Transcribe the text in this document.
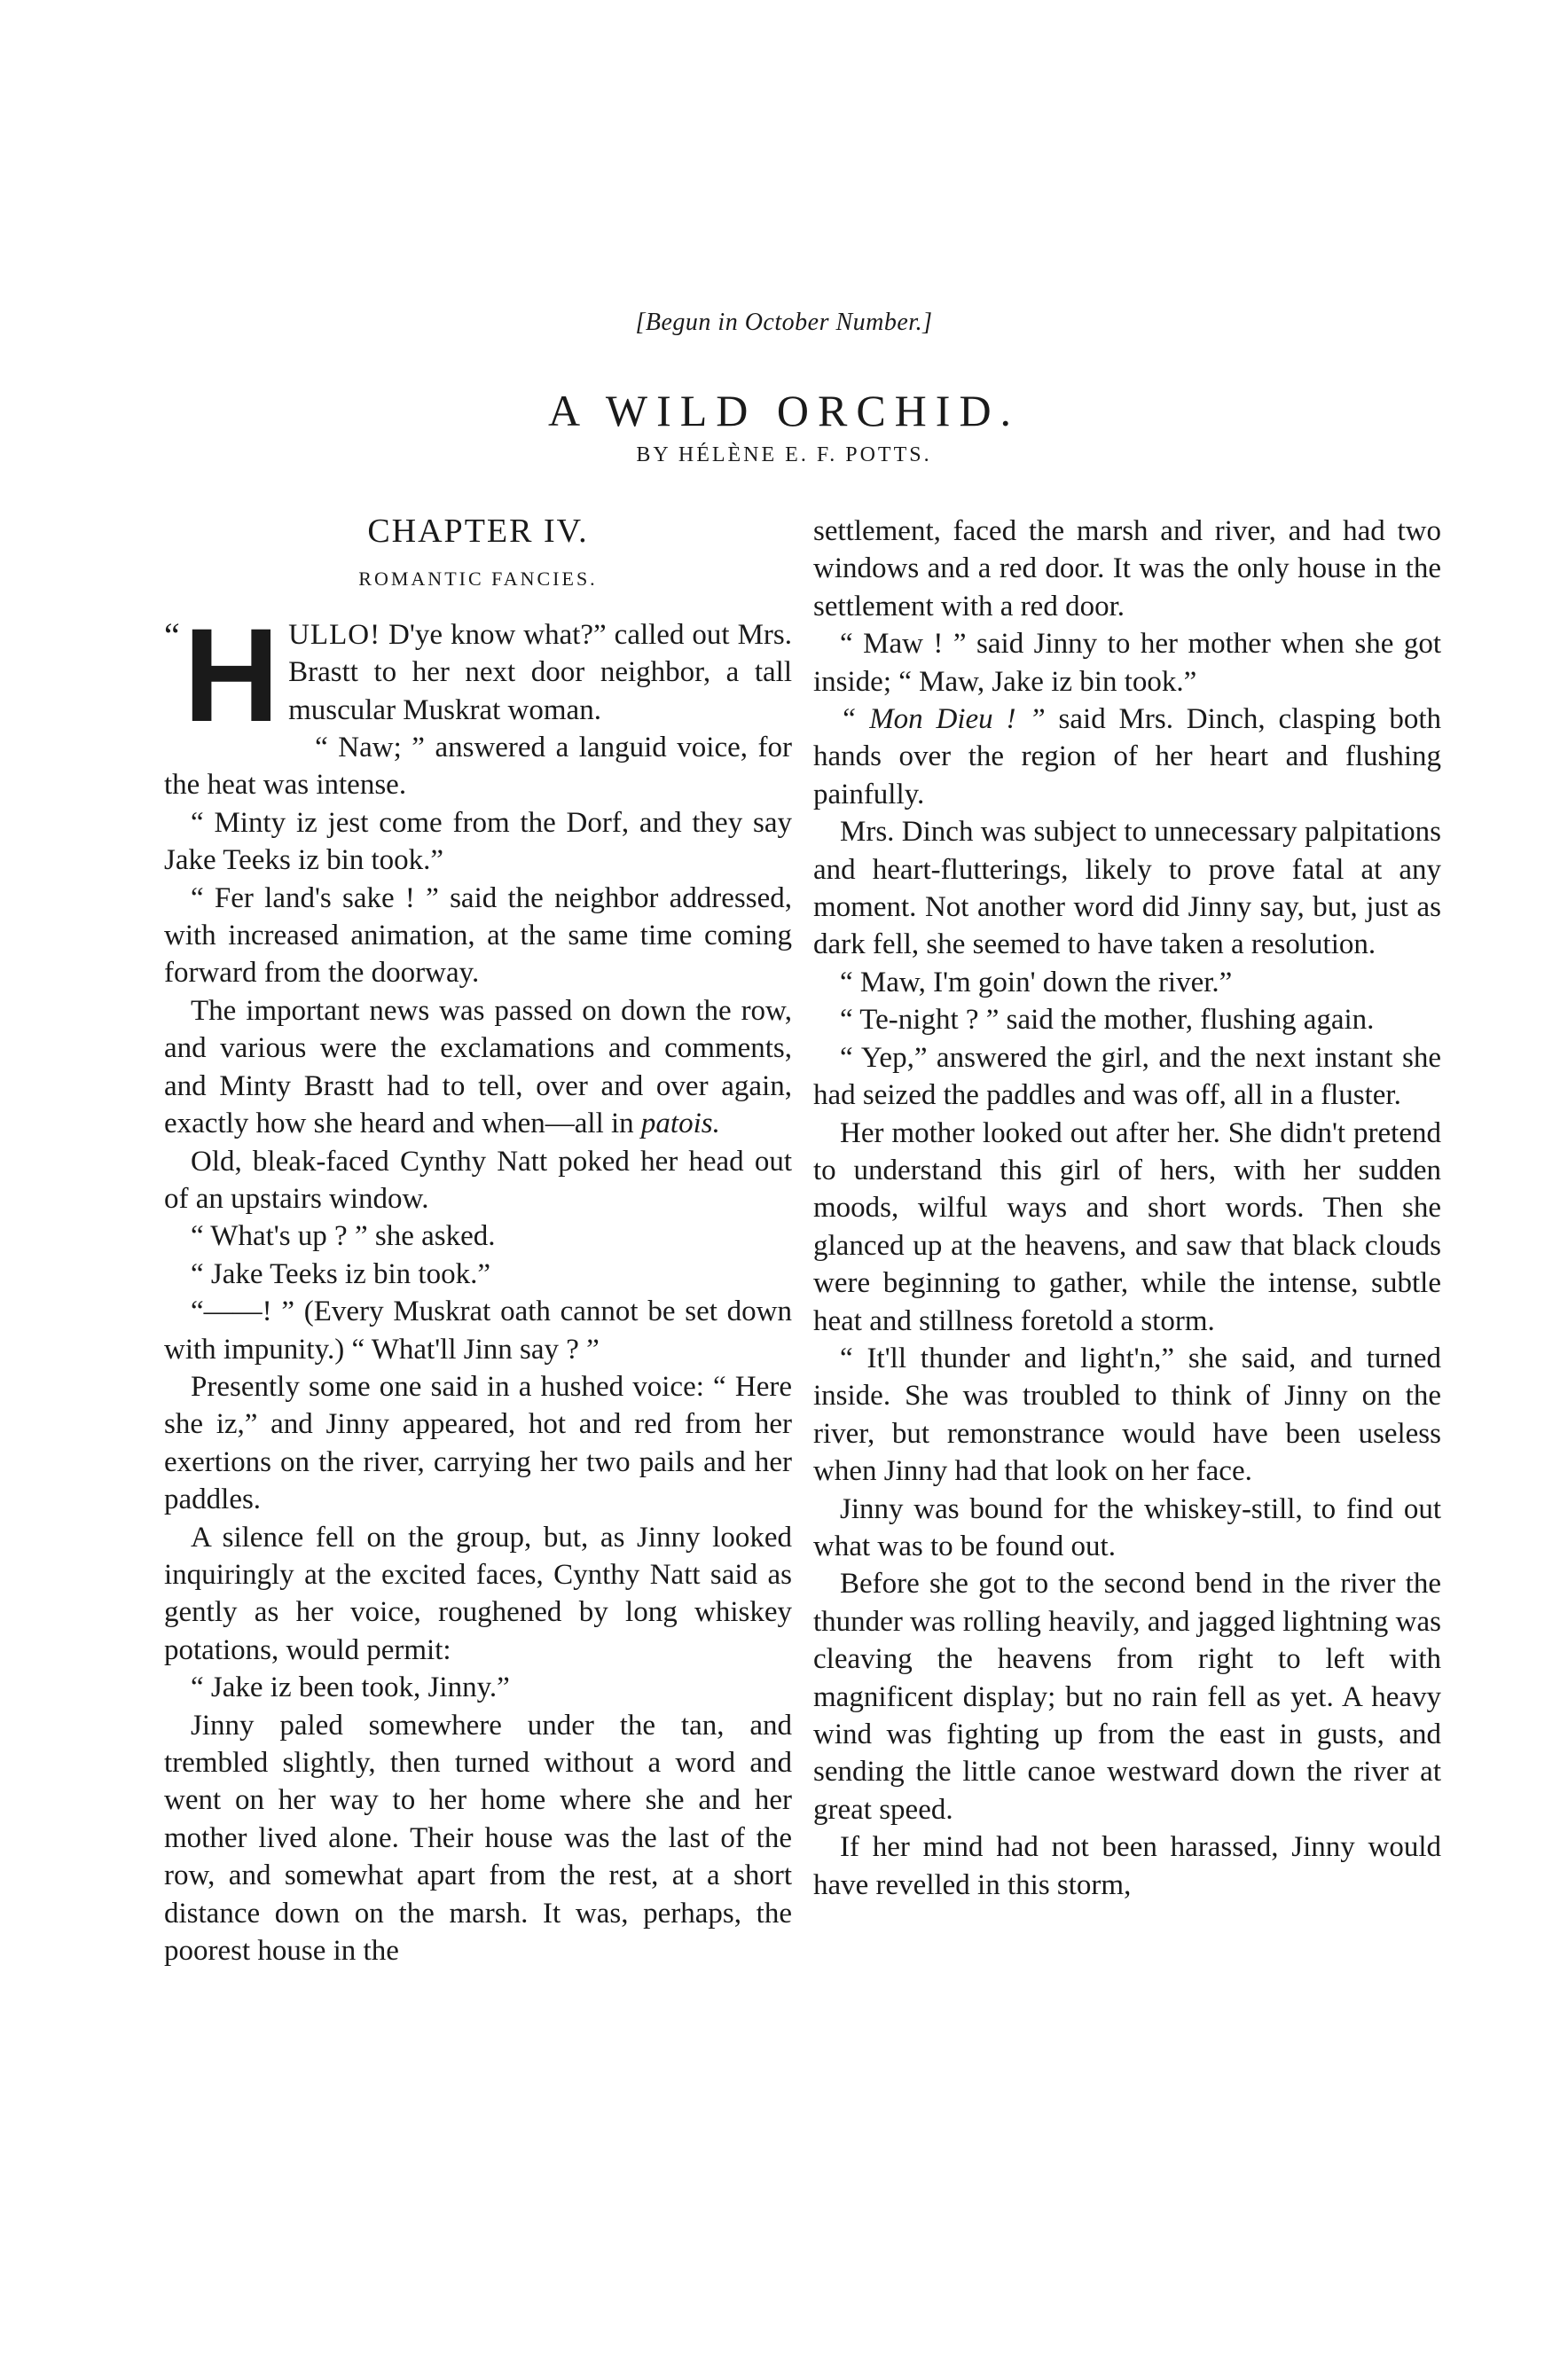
[Begun in October Number.]
A WILD ORCHID.
BY HÉLÈNE E. F. POTTS.
CHAPTER IV.
ROMANTIC FANCIES.

“ H ULLO! D'ye know what?” called out Mrs. Brastt to her next door neighbor, a tall muscular Muskrat woman.

“ Naw; ” answered a languid voice, for the heat was intense.

“ Minty iz jest come from the Dorf, and they say Jake Teeks iz bin took.”

“ Fer land's sake ! ” said the neighbor addressed, with increased animation, at the same time coming forward from the doorway.

The important news was passed on down the row, and various were the exclamations and comments, and Minty Brastt had to tell, over and over again, exactly how she heard and when—all in patois.

Old, bleak-faced Cynthy Natt poked her head out of an upstairs window.

“ What's up ? ” she asked.

“ Jake Teeks iz bin took.”

“——! ” (Every Muskrat oath cannot be set down with impunity.) “ What'll Jinn say ? ”

Presently some one said in a hushed voice: “ Here she iz,” and Jinny appeared, hot and red from her exertions on the river, carrying her two pails and her paddles.

A silence fell on the group, but, as Jinny looked inquiringly at the excited faces, Cynthy Natt said as gently as her voice, roughened by long whiskey potations, would permit:

“ Jake iz been took, Jinny.”

Jinny paled somewhere under the tan, and trembled slightly, then turned without a word and went on her way to her home where she and her mother lived alone. Their house was the last of the row, and somewhat apart from the rest, at a short distance down on the marsh. It was, perhaps, the poorest house in the

settlement, faced the marsh and river, and had two windows and a red door. It was the only house in the settlement with a red door.

“ Maw ! ” said Jinny to her mother when she got inside; “ Maw, Jake iz bin took.”

“ Mon Dieu ! ” said Mrs. Dinch, clasping both hands over the region of her heart and flushing painfully.

Mrs. Dinch was subject to unnecessary palpitations and heart-flutterings, likely to prove fatal at any moment. Not another word did Jinny say, but, just as dark fell, she seemed to have taken a resolution.

“ Maw, I'm goin' down the river.”

“ Te-night ? ” said the mother, flushing again.

“ Yep,” answered the girl, and the next instant she had seized the paddles and was off, all in a fluster.

Her mother looked out after her. She didn't pretend to understand this girl of hers, with her sudden moods, wilful ways and short words. Then she glanced up at the heavens, and saw that black clouds were beginning to gather, while the intense, subtle heat and stillness foretold a storm.

“ It'll thunder and light'n,” she said, and turned inside. She was troubled to think of Jinny on the river, but remonstrance would have been useless when Jinny had that look on her face.

Jinny was bound for the whiskey-still, to find out what was to be found out.

Before she got to the second bend in the river the thunder was rolling heavily, and jagged lightning was cleaving the heavens from right to left with magnificent display; but no rain fell as yet. A heavy wind was fighting up from the east in gusts, and sending the little canoe westward down the river at great speed.

If her mind had not been harassed, Jinny would have revelled in this storm,
